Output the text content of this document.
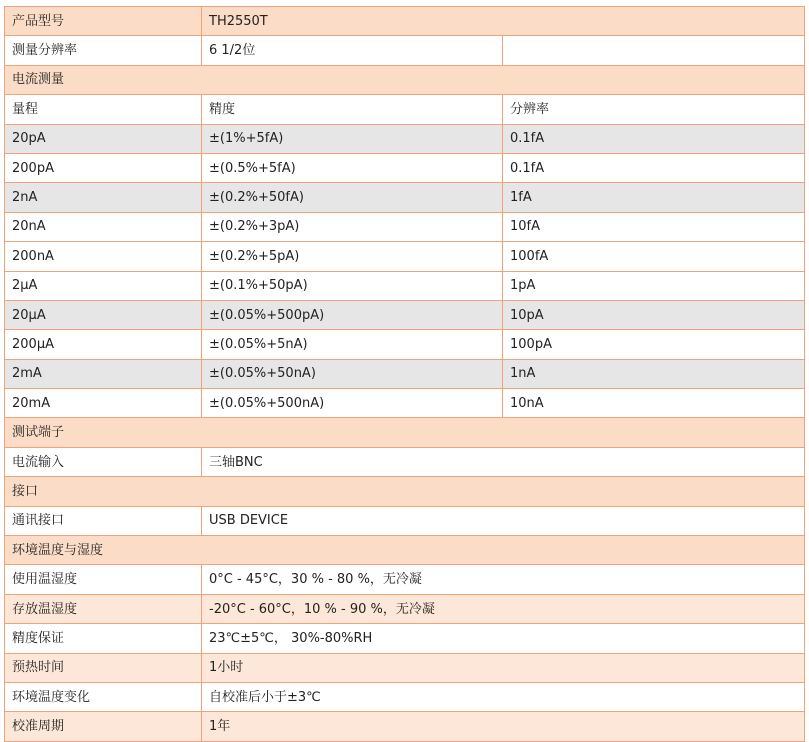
产品型号	TH2550T	
测量分辨率	6 1/2位	
电流测量		
量程	精度	分辨率
20pA	±(1%+5fA)	0.1fA
200pA	±(0.5%+5fA)	0.1fA
2nA	±(0.2%+50fA)	1fA
20nA	±(0.2%+3pA)	10fA
200nA	±(0.2%+5pA)	100fA
2μA	±(0.1%+50pA)	1pA
20μA	±(0.05%+500pA)	10pA
200μA	±(0.05%+5nA)	100pA
2mA	±(0.05%+50nA)	1nA
20mA	±(0.05%+500nA)	10nA
测试端子		
电流输入	三轴BNC	
接口		
通讯接口	USB DEVICE	
环境温度与湿度		
使用温湿度	0°C - 45°C，30 % - 80 %，无冷凝	
存放温湿度	-20°C - 60°C，10 % - 90 %，无冷凝	
精度保证	23℃±5℃， 30%-80%RH	
预热时间	1小时	
环境温度变化	自校准后小于±3℃	
校准周期	1年	
